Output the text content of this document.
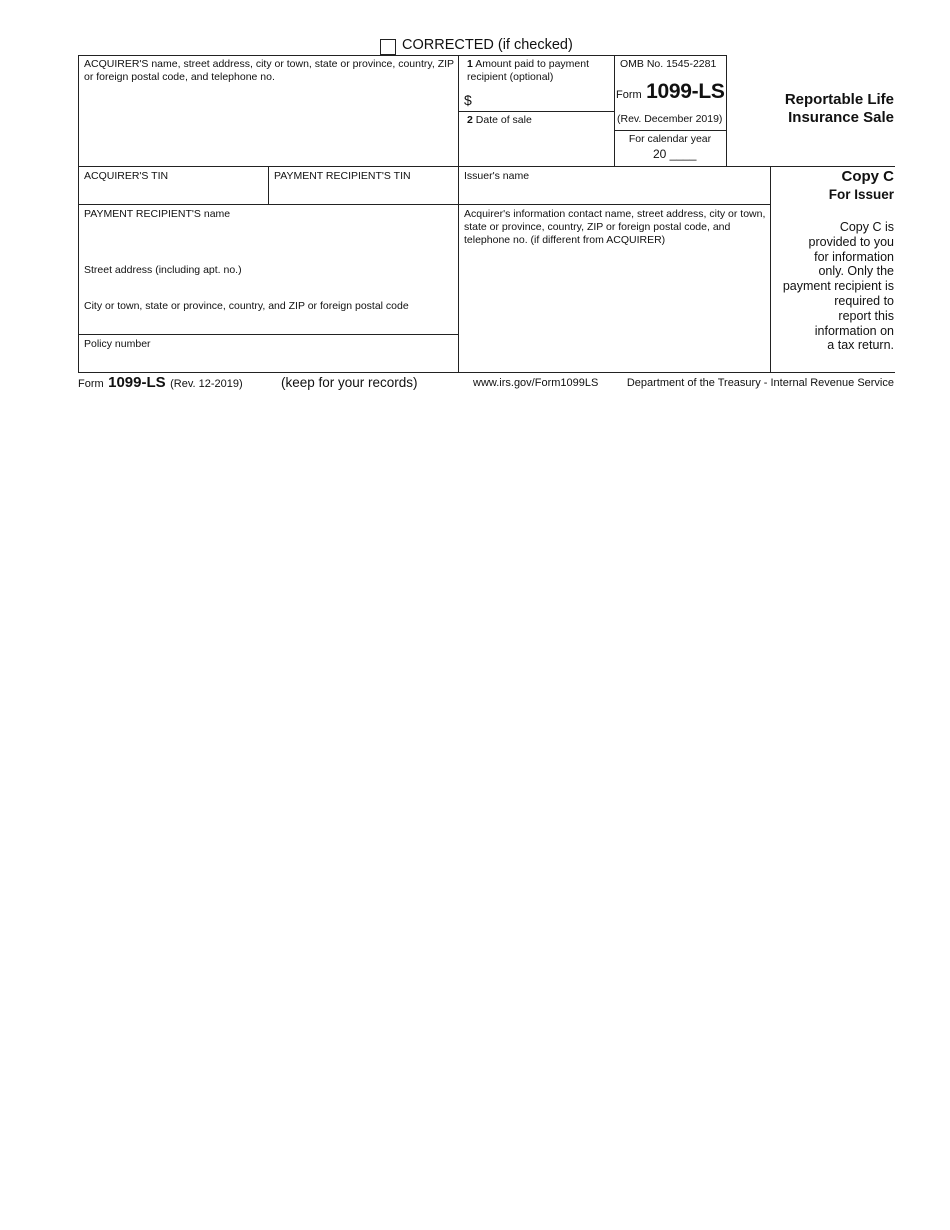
CORRECTED (if checked)
ACQUIRER'S name, street address, city or town, state or province, country, ZIP or foreign postal code, and telephone no.
1 Amount paid to payment recipient (optional)
$
2 Date of sale
OMB No. 1545-2281
Form 1099-LS
(Rev. December 2019)
For calendar year
20 ____
Reportable Life
Insurance Sale
ACQUIRER'S TIN	PAYMENT RECIPIENT'S TIN	Issuer's name	Copy C
For Issuer
Copy C is
provided to you
for information
only. Only the
payment recipient is
required to
report this
information on
a tax return.
PAYMENT RECIPIENT'S name
Street address (including apt. no.)
City or town, state or province, country, and ZIP or foreign postal code
Policy number
Acquirer's information contact name, street address, city or town, state or province, country, ZIP or foreign postal code, and telephone no. (if different from ACQUIRER)
Form 1099-LS (Rev. 12-2019)	(keep for your records)	www.irs.gov/Form1099LS	Department of the Treasury - Internal Revenue Service
